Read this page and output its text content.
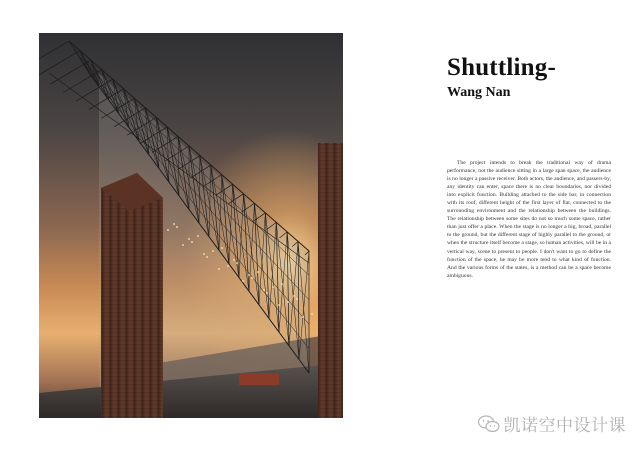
Shuttling-
Wang Nan

The project intends to break the traditional way of drama performance, not the audience sitting in a large span space, the audience is no longer a passive receiver. Both actors, the audience, and passers-by, any identity can enter, space there is no clear boundaries, nor divided into explicit function. Building attached to the side bar, in connection with its roof, different height of the first layer of flat, connected to the surrounding environment and the relationship between the buildings. The relationship between some sites do not so much some space, rather than just offer a place. When the stage is no longer a big, broad, parallel to the ground, but the different stage of highly parallel to the ground, or when the structure itself become a stage, so human activities, will be in a vertical way, scene to present to people. I don't want to go to define the function of the space, he may be more tend to what kind of function. And the various forms of the states, is a method can be a space become ambiguous.

凯诺空中设计课
